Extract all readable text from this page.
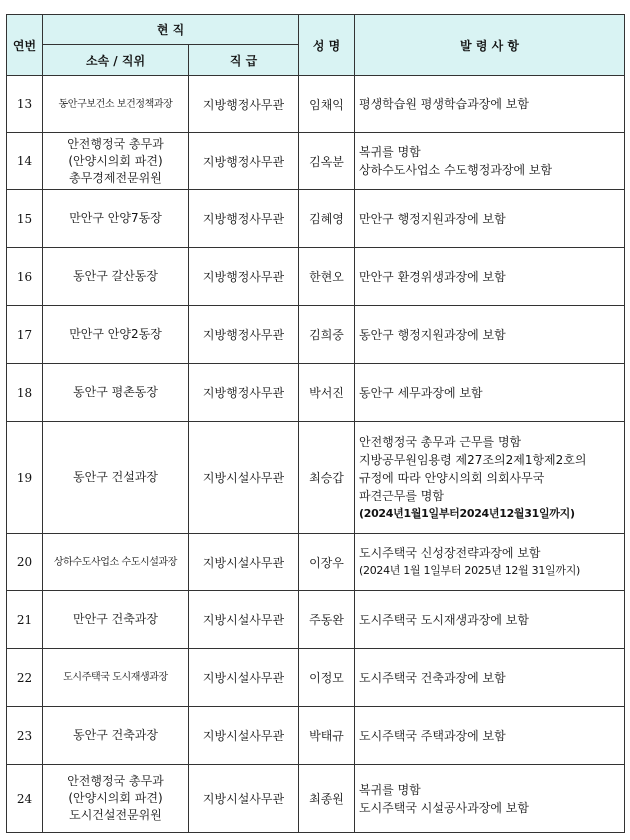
연번	현 직		성 명	발 령 사 항
	소속 / 직위	직 급		
13	동안구보건소 보건정책과장	지방행정사무관	임채익	평생학습원 평생학습과장에 보함

14	안전행정국 총무과
(안양시의회 파견)
총무경제전문위원	지방행정사무관	김옥분	복귀를 명함
상하수도사업소 수도행정과장에 보함

15	만안구 안양7동장	지방행정사무관	김혜영	만안구 행정지원과장에 보함

16	동안구 갈산동장	지방행정사무관	한현오	만안구 환경위생과장에 보함

17	만안구 안양2동장	지방행정사무관	김희중	동안구 행정지원과장에 보함

18	동안구 평촌동장	지방행정사무관	박서진	동안구 세무과장에 보함

19	동안구 건설과장	지방시설사무관	최승갑	안전행정국 총무과 근무를 명함
지방공무원임용령 제27조의2제1항제2호의
규정에 따라 안양시의회 의회사무국
파견근무를 명함
(2024년1월1일부터2024년12월31일까지)

20	상하수도사업소 수도시설과장	지방시설사무관	이장우	도시주택국 신성장전략과장에 보함
(2024년 1월 1일부터 2025년 12월 31일까지)

21	만안구 건축과장	지방시설사무관	주동완	도시주택국 도시재생과장에 보함

22	도시주택국 도시재생과장	지방시설사무관	이정모	도시주택국 건축과장에 보함

23	동안구 건축과장	지방시설사무관	박태규	도시주택국 주택과장에 보함

24	안전행정국 총무과
(안양시의회 파견)
도시건설전문위원	지방시설사무관	최종원	복귀를 명함
도시주택국 시설공사과장에 보함
